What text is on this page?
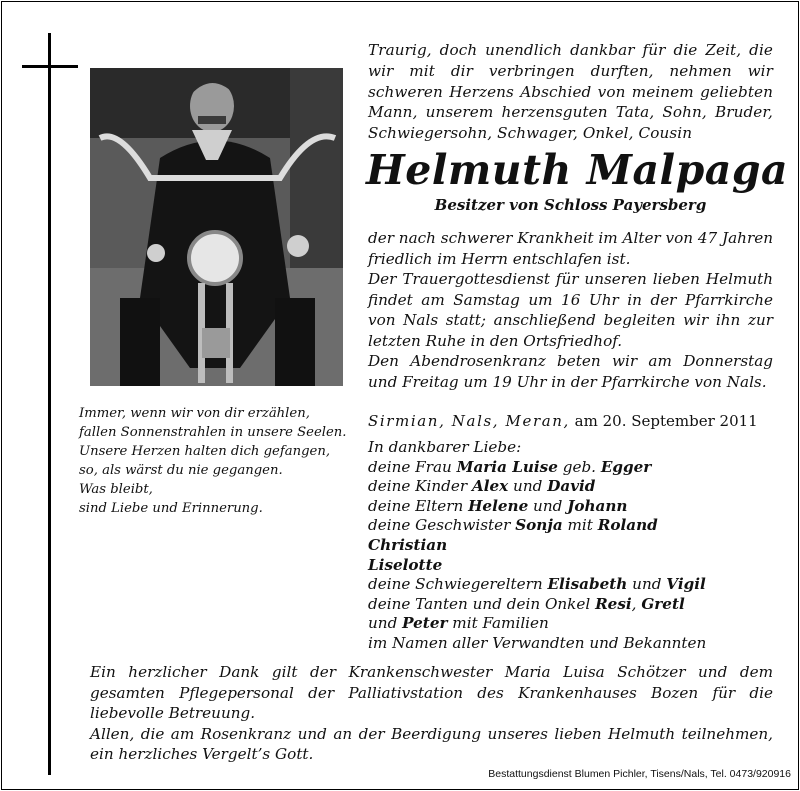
Traurig, doch unendlich dankbar für die Zeit, die wir mit dir verbringen durften, nehmen wir schweren Herzens Abschied von meinem geliebten Mann, unserem herzensguten Tata, Sohn, Bruder, Schwiegersohn, Schwager, Onkel, Cousin
Helmuth Malpaga
Besitzer von Schloss Payersberg

der nach schwerer Krankheit im Alter von 47 Jahren friedlich im Herrn entschlafen ist.

Der Trauergottesdienst für unseren lieben Helmuth findet am Samstag um 16 Uhr in der Pfarrkirche von Nals statt; anschließend begleiten wir ihn zur letzten Ruhe in den Ortsfriedhof.

Den Abendrosenkranz beten wir am Donnerstag und Freitag um 19 Uhr in der Pfarrkirche von Nals.

Sirmian, Nals, Meran, am 20. September 2011
In dankbarer Liebe:
deine Frau Maria Luise geb. Egger
deine Kinder Alex und David
deine Eltern Helene und Johann
deine Geschwister Sonja mit Roland
Christian
Liselotte
deine Schwiegereltern Elisabeth und Vigil
deine Tanten und dein Onkel Resi, Gretl
und Peter mit Familien
im Namen aller Verwandten und Bekannten
Immer, wenn wir von dir erzählen,
fallen Sonnenstrahlen in unsere Seelen.
Unsere Herzen halten dich gefangen,
so, als wärst du nie gegangen.
Was bleibt,
sind Liebe und Erinnerung.

Ein herzlicher Dank gilt der Krankenschwester Maria Luisa Schötzer und dem gesamten Pflegepersonal der Palliativstation des Krankenhauses Bozen für die liebevolle Betreuung.

Allen, die am Rosenkranz und an der Beerdigung unseres lieben Helmuth teilnehmen, ein herzliches Vergelt’s Gott.

Bestattungsdienst Blumen Pichler, Tisens/Nals, Tel. 0473/920916
